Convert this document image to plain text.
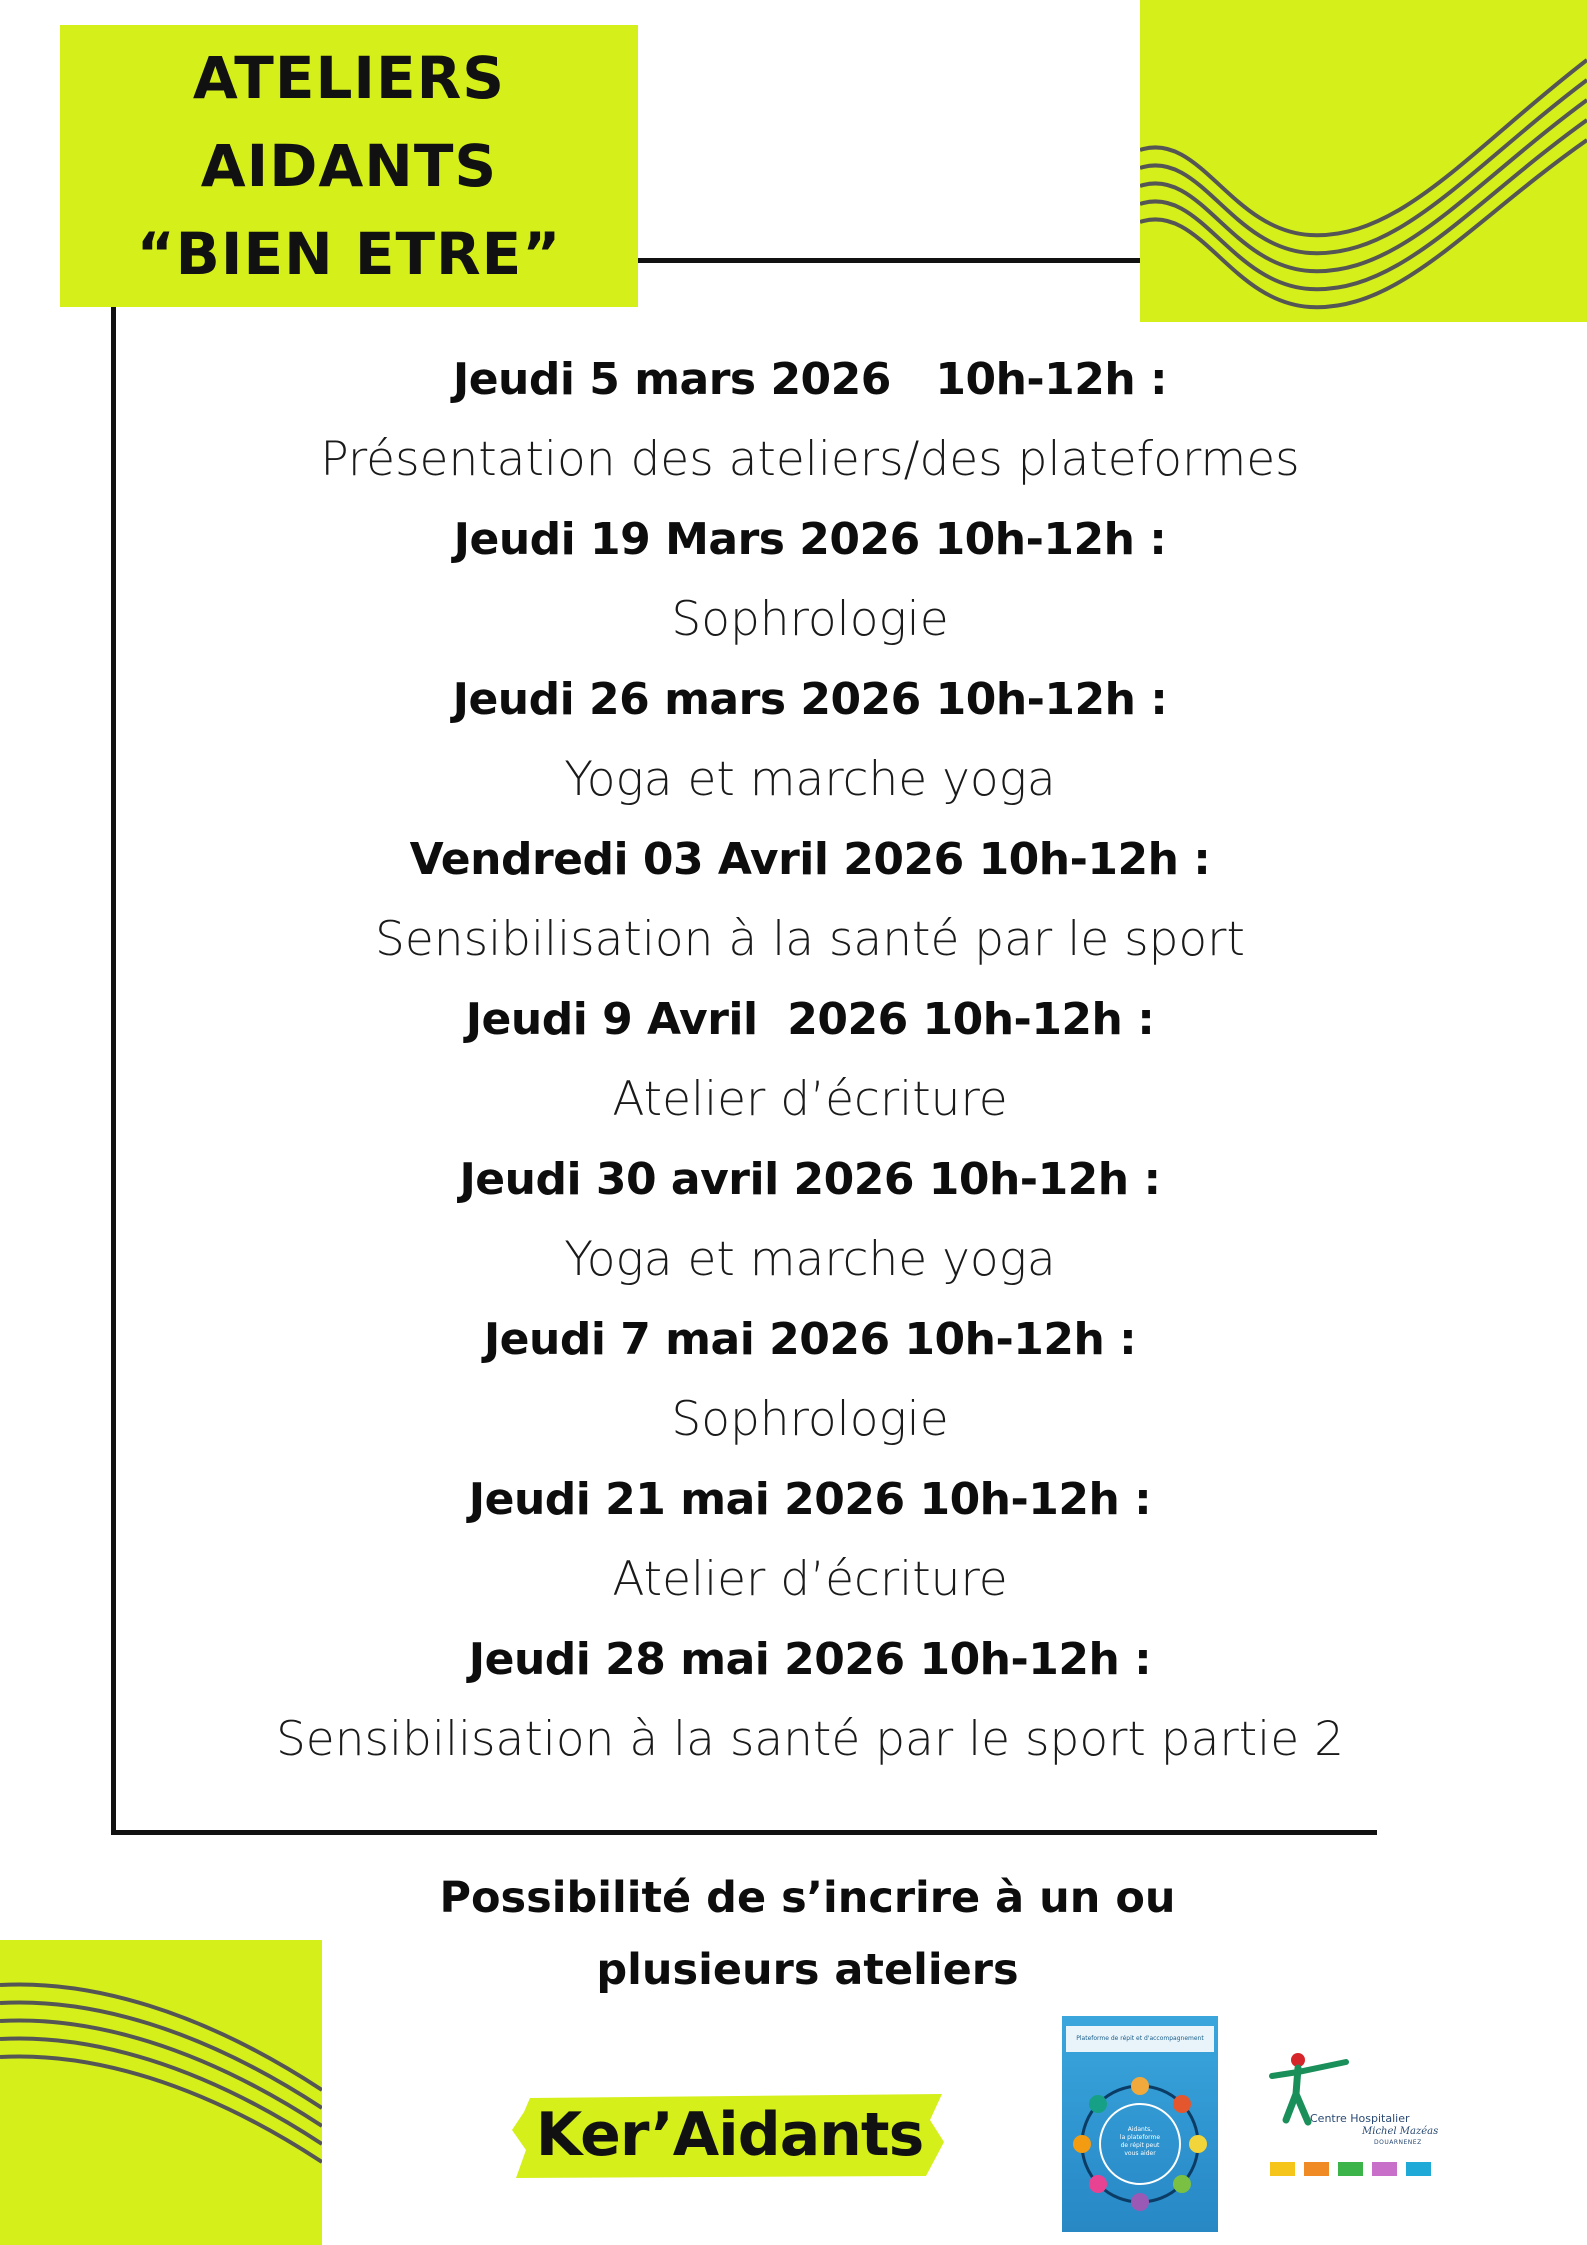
ATELIERS
AIDANTS
“BIEN ETRE”
Jeudi 5 mars 2026   10h-12h :
Présentation des ateliers/des plateformes
Jeudi 19 Mars 2026 10h-12h :
Sophrologie
Jeudi 26 mars 2026 10h-12h :
Yoga et marche yoga
Vendredi 03 Avril 2026 10h-12h :
Sensibilisation à la santé par le sport
Jeudi 9 Avril  2026 10h-12h :
Atelier d’écriture
Jeudi 30 avril 2026 10h-12h :
Yoga et marche yoga
Jeudi 7 mai 2026 10h-12h :
Sophrologie
Jeudi 21 mai 2026 10h-12h :
Atelier d’écriture
Jeudi 28 mai 2026 10h-12h :
Sensibilisation à la santé par le sport partie 2
Possibilité de s’incrire à un ou
plusieurs ateliers
Ker’Aidants
Plateforme de répit et d'accompagnement
Aidants,
la plateforme
de répit peut
vous aider
Centre Hospitalier
Michel Mazéas
DOUARNENEZ
